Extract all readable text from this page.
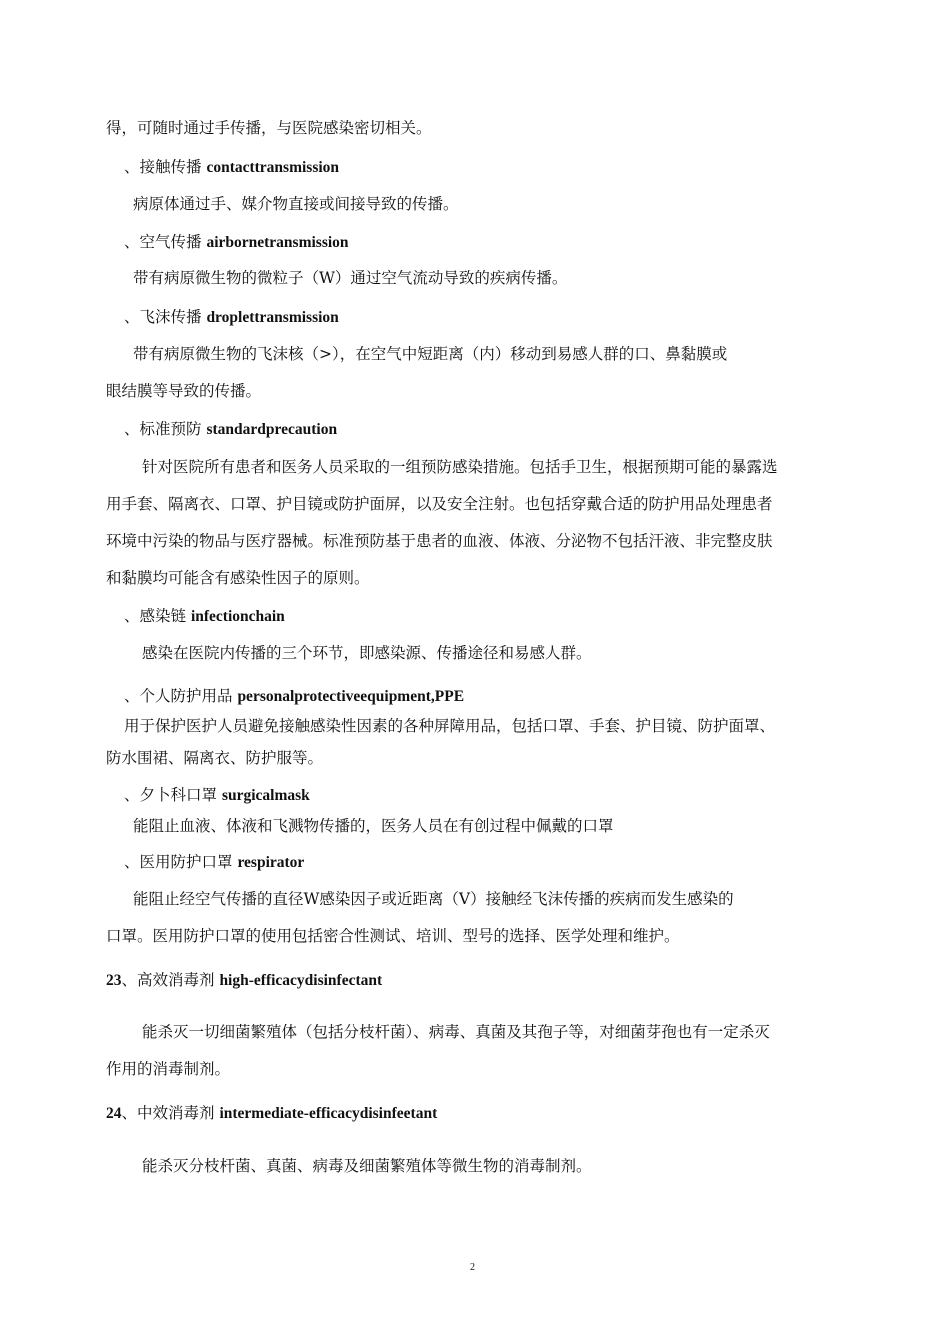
得，可随时通过手传播，与医院感染密切相关。
、接触传播 contacttransmission
病原体通过手、媒介物直接或间接导致的传播。
、空气传播 airbornetransmission
带有病原微生物的微粒子（W）通过空气流动导致的疾病传播。
、飞沫传播 droplettransmission
带有病原微生物的飞沫核（>），在空气中短距离（内）移动到易感人群的口、鼻黏膜或
眼结膜等导致的传播。
、标准预防 standardprecaution
针对医院所有患者和医务人员采取的一组预防感染措施。包括手卫生，根据预期可能的暴露选
用手套、隔离衣、口罩、护目镜或防护面屏，以及安全注射。也包括穿戴合适的防护用品处理患者
环境中污染的物品与医疗器械。标准预防基于患者的血液、体液、分泌物不包括汗液、非完整皮肤
和黏膜均可能含有感染性因子的原则。
、感染链 infectionchain
感染在医院内传播的三个环节，即感染源、传播途径和易感人群。
、个人防护用品 personalprotectiveequipment,PPE
用于保护医护人员避免接触感染性因素的各种屏障用品，包括口罩、手套、护目镜、防护面罩、
防水围裙、隔离衣、防护服等。
、夕卜科口罩 surgicalmask
能阻止血液、体液和飞溅物传播的，医务人员在有创过程中佩戴的口罩
、医用防护口罩 respirator
能阻止经空气传播的直径W感染因子或近距离（V）接触经飞沫传播的疾病而发生感染的
口罩。医用防护口罩的使用包括密合性测试、培训、型号的选择、医学处理和维护。
23、高效消毒剂 high-efficacydisinfectant
能杀灭一切细菌繁殖体（包括分枝杆菌）、病毒、真菌及其孢子等，对细菌芽孢也有一定杀灭
作用的消毒制剂。
24、中效消毒剂 intermediate-efficacydisinfeetant
能杀灭分枝杆菌、真菌、病毒及细菌繁殖体等微生物的消毒制剂。
2
